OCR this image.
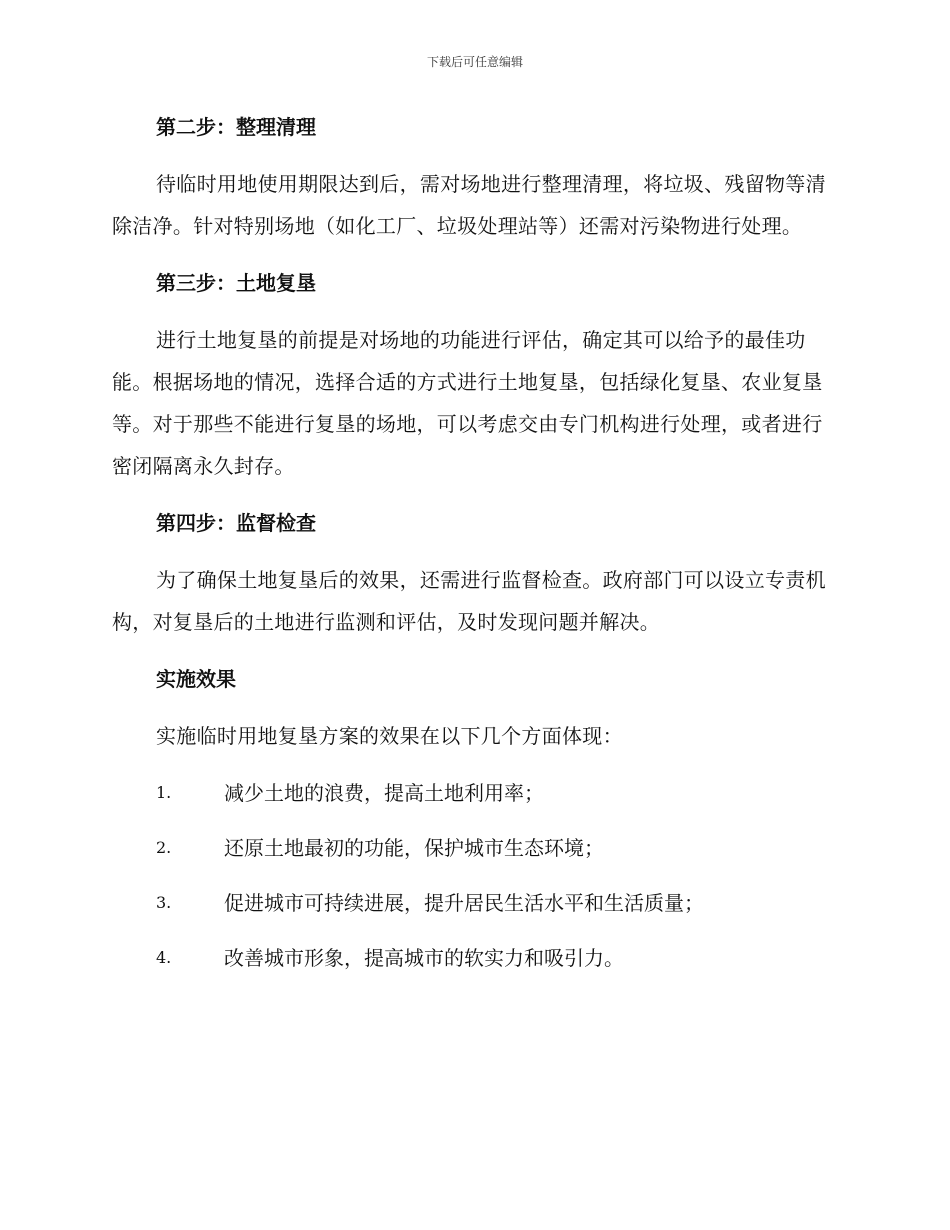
下载后可任意编辑
第二步：整理清理

待临时用地使用期限达到后，需对场地进行整理清理，将垃圾、残留物等清除洁净。针对特别场地（如化工厂、垃圾处理站等）还需对污染物进行处理。

第三步：土地复垦

进行土地复垦的前提是对场地的功能进行评估，确定其可以给予的最佳功能。根据场地的情况，选择合适的方式进行土地复垦，包括绿化复垦、农业复垦等。对于那些不能进行复垦的场地，可以考虑交由专门机构进行处理，或者进行密闭隔离永久封存。

第四步：监督检查

为了确保土地复垦后的效果，还需进行监督检查。政府部门可以设立专责机构，对复垦后的土地进行监测和评估，及时发现问题并解决。

实施效果

实施临时用地复垦方案的效果在以下几个方面体现：

1.	减少土地的浪费，提高土地利用率；
2.	还原土地最初的功能，保护城市生态环境；
3.	促进城市可持续进展，提升居民生活水平和生活质量；
4.	改善城市形象，提高城市的软实力和吸引力。
